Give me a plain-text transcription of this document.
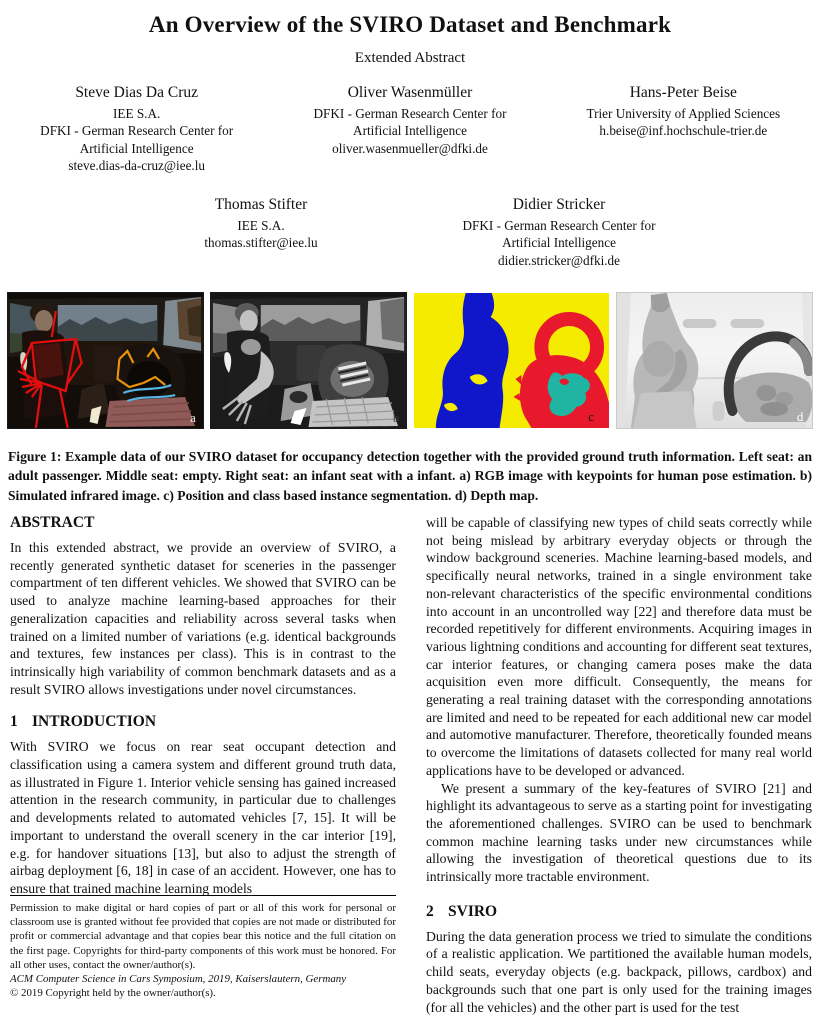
An Overview of the SVIRO Dataset and Benchmark
Extended Abstract
Steve Dias Da Cruz
IEE S.A.
DFKI - German Research Center for
Artificial Intelligence
steve.dias-da-cruz@iee.lu
Oliver Wasenmüller
DFKI - German Research Center for
Artificial Intelligence
oliver.wasenmueller@dfki.de
Hans-Peter Beise
Trier University of Applied Sciences
h.beise@inf.hochschule-trier.de
Thomas Stifter
IEE S.A.
thomas.stifter@iee.lu
Didier Stricker
DFKI - German Research Center for
Artificial Intelligence
didier.stricker@dfki.de
a	b	c	d
Figure 1: Example data of our SVIRO dataset for occupancy detection together with the provided ground truth information. Left seat: an adult passenger. Middle seat: empty. Right seat: an infant seat with a infant. a) RGB image with keypoints for human pose estimation. b) Simulated infrared image. c) Position and class based instance segmentation. d) Depth map.
ABSTRACT

In this extended abstract, we provide an overview of SVIRO, a recently generated synthetic dataset for sceneries in the passenger compartment of ten different vehicles. We showed that SVIRO can be used to analyze machine learning-based approaches for their generalization capacities and reliability across several tasks when trained on a limited number of variations (e.g. identical backgrounds and textures, few instances per class). This is in contrast to the intrinsically high variability of common benchmark datasets and as a result SVIRO allows investigations under novel circumstances.

1 INTRODUCTION

With SVIRO we focus on rear seat occupant detection and classification using a camera system and different ground truth data, as illustrated in Figure 1. Interior vehicle sensing has gained increased attention in the research community, in particular due to challenges and developments related to automated vehicles [7, 15]. It will be important to understand the overall scenery in the car interior [19], e.g. for handover situations [13], but also to adjust the strength of airbag deployment [6, 18] in case of an accident. However, one has to ensure that trained machine learning models

will be capable of classifying new types of child seats correctly while not being mislead by arbitrary everyday objects or through the window background sceneries. Machine learning-based models, and specifically neural networks, trained in a single environment take non-relevant characteristics of the specific environmental conditions into account in an uncontrolled way [22] and therefore data must be recorded repetitively for different environments. Acquiring images in various lightning conditions and accounting for different seat textures, car interior features, or changing camera poses make the data acquisition even more difficult. Consequently, the means for generating a real training dataset with the corresponding annotations are limited and need to be repeated for each additional new car model and automotive manufacturer. Therefore, theoretically founded means to overcome the limitations of datasets collected for many real world applications have to be developed or advanced.

We present a summary of the key-features of SVIRO [21] and highlight its advantageous to serve as a starting point for investigating the aforementioned challenges. SVIRO can be used to benchmark common machine learning tasks under new circumstances while allowing the investigation of theoretical questions due to its intrinsically more tractable environment.

2 SVIRO

During the data generation process we tried to simulate the conditions of a realistic application. We partitioned the available human models, child seats, everyday objects (e.g. backpack, pillows, cardbox) and backgrounds such that one part is only used for the training images (for all the vehicles) and the other part is used for the test

Permission to make digital or hard copies of part or all of this work for personal or classroom use is granted without fee provided that copies are not made or distributed for profit or commercial advantage and that copies bear this notice and the full citation on the first page. Copyrights for third-party components of this work must be honored. For all other uses, contact the owner/author(s).
ACM Computer Science in Cars Symposium, 2019, Kaiserslautern, Germany
© 2019 Copyright held by the owner/author(s).
